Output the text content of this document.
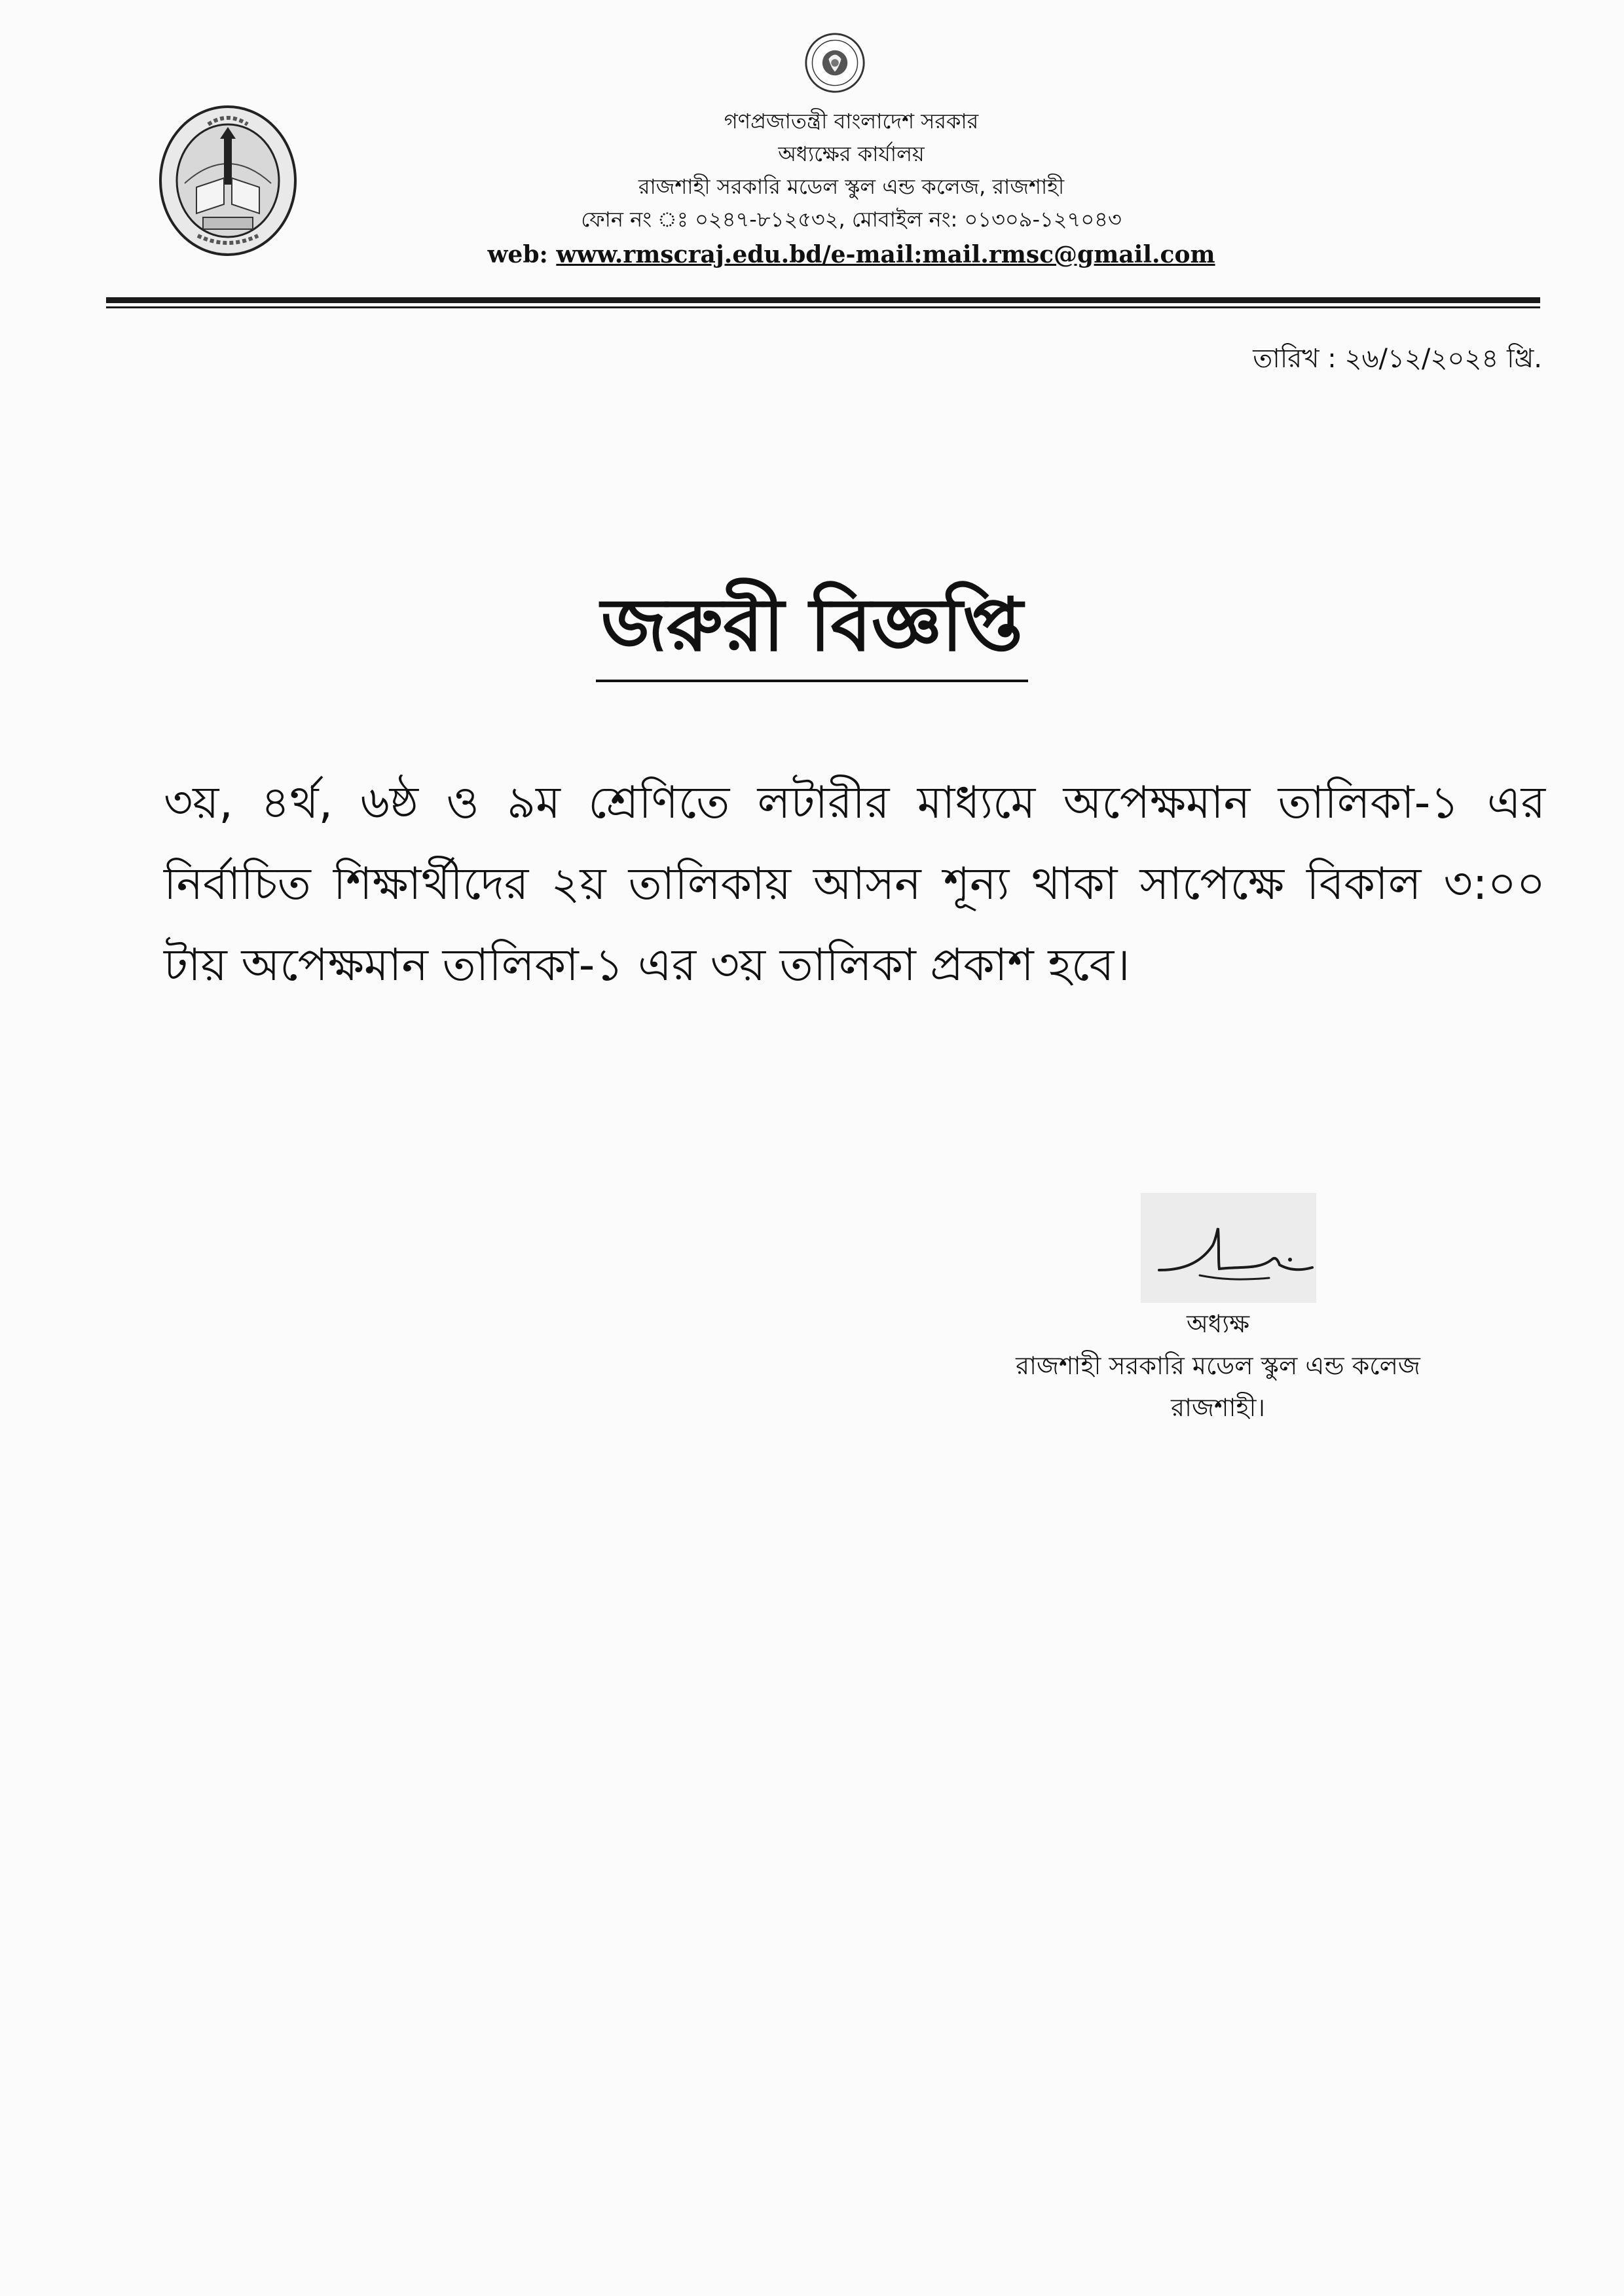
গণপ্রজাতন্ত্রী বাংলাদেশ সরকার
অধ্যক্ষের কার্যালয়
রাজশাহী সরকারি মডেল স্কুল এন্ড কলেজ, রাজশাহী
ফোন নং ঃ ০২৪৭-৮১২৫৩২, মোবাইল নং: ০১৩০৯-১২৭০৪৩
web: www.rmscraj.edu.bd/e-mail:mail.rmsc@gmail.com
তারিখ : ২৬/১২/২০২৪ খ্রি.
জরুরী বিজ্ঞপ্তি
৩য়, ৪র্থ, ৬ষ্ঠ ও ৯ম শ্রেণিতে লটারীর মাধ্যমে অপেক্ষমান তালিকা-১ এর নির্বাচিত শিক্ষার্থীদের ২য় তালিকায় আসন শূন্য থাকা সাপেক্ষে বিকাল ৩:০০ টায় অপেক্ষমান তালিকা-১ এর ৩য় তালিকা প্রকাশ হবে।
অধ্যক্ষ
রাজশাহী সরকারি মডেল স্কুল এন্ড কলেজ
রাজশাহী।
